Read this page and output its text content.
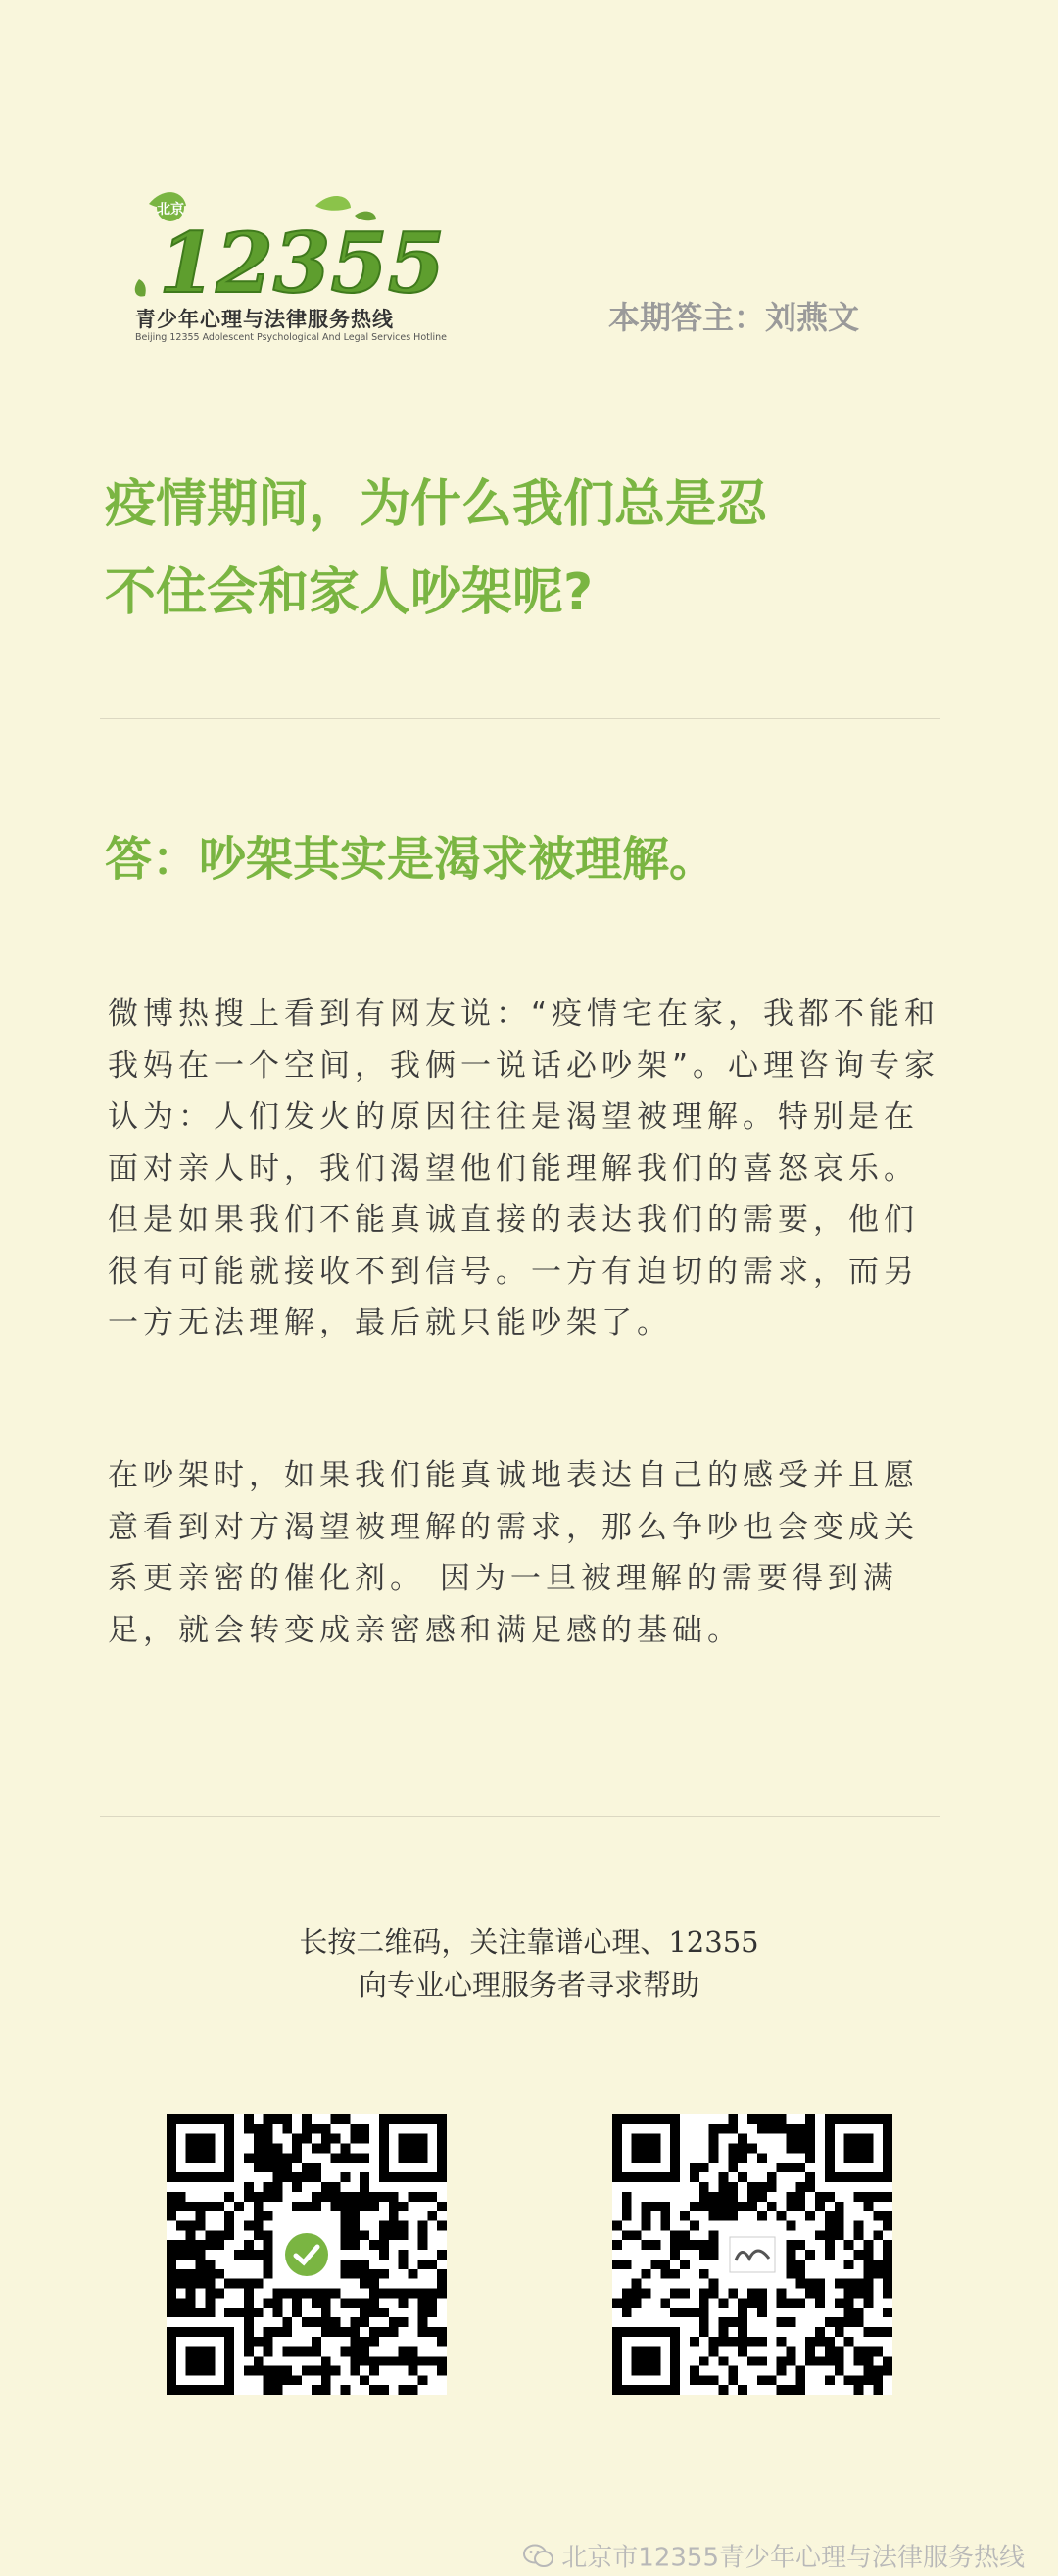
北京
12355
青少年心理与法律服务热线
Beijing 12355 Adolescent Psychological And Legal Services Hotline
本期答主：刘燕文
疫情期间，为什么我们总是忍
不住会和家人吵架呢?
答：吵架其实是渴求被理解。
微博热搜上看到有网友说：“疫情宅在家，我都不能和我妈在一个空间，我俩一说话必吵架”。心理咨询专家认为：人们发火的原因往往是渴望被理解。特别是在面对亲人时，我们渴望他们能理解我们的喜怒哀乐。但是如果我们不能真诚直接的表达我们的需要，他们很有可能就接收不到信号。一方有迫切的需求，而另一方无法理解，最后就只能吵架了。
在吵架时，如果我们能真诚地表达自己的感受并且愿意看到对方渴望被理解的需求，那么争吵也会变成关系更亲密的催化剂。 因为一旦被理解的需要得到满足，就会转变成亲密感和满足感的基础。
长按二维码，关注靠谱心理、12355
向专业心理服务者寻求帮助
北京市12355青少年心理与法律服务热线
